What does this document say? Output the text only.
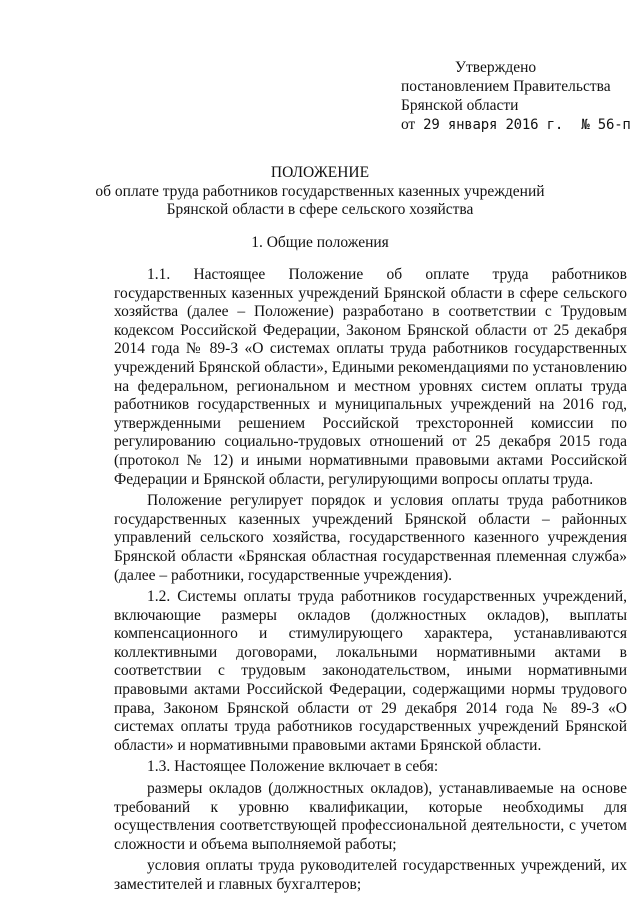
Утверждено
постановлением Правительства
Брянской области
от 29 января 2016 г. № 56-п
ПОЛОЖЕНИЕ
об оплате труда работников государственных казенных учреждений
Брянской области в сфере сельского хозяйства
1. Общие положения

1.1. Настоящее Положение об оплате труда работников государственных казенных учреждений Брянской области в сфере сельского хозяйства (далее – Положение) разработано в соответствии с Трудовым кодексом Российской Федерации, Законом Брянской области от 25 декабря 2014 года № 89-З «О системах оплаты труда работников государственных учреждений Брянской области», Едиными рекомендациями по установлению на федеральном, региональном и местном уровнях систем оплаты труда работников государственных и муниципальных учреждений на 2016 год, утвержденными решением Российской трехсторонней комиссии по регулированию социально-трудовых отношений от 25 декабря 2015 года (протокол № 12) и иными нормативными правовыми актами Российской Федерации и Брянской области, регулирующими вопросы оплаты труда.

Положение регулирует порядок и условия оплаты труда работников государственных казенных учреждений Брянской области – районных управлений сельского хозяйства, государственного казенного учреждения Брянской области «Брянская областная государственная племенная служба» (далее – работники, государственные учреждения).

1.2. Системы оплаты труда работников государственных учреждений, включающие размеры окладов (должностных окладов), выплаты компенсационного и стимулирующего характера, устанавливаются коллективными договорами, локальными нормативными актами в соответствии с трудовым законодательством, иными нормативными правовыми актами Российской Федерации, содержащими нормы трудового права, Законом Брянской области от 29 декабря 2014 года № 89-З «О системах оплаты труда работников государственных учреждений Брянской области» и нормативными правовыми актами Брянской области.

1.3. Настоящее Положение включает в себя:

размеры окладов (должностных окладов), устанавливаемые на основе требований к уровню квалификации, которые необходимы для осуществления соответствующей профессиональной деятельности, с учетом сложности и объема выполняемой работы;

условия оплаты труда руководителей государственных учреждений, их заместителей и главных бухгалтеров;
